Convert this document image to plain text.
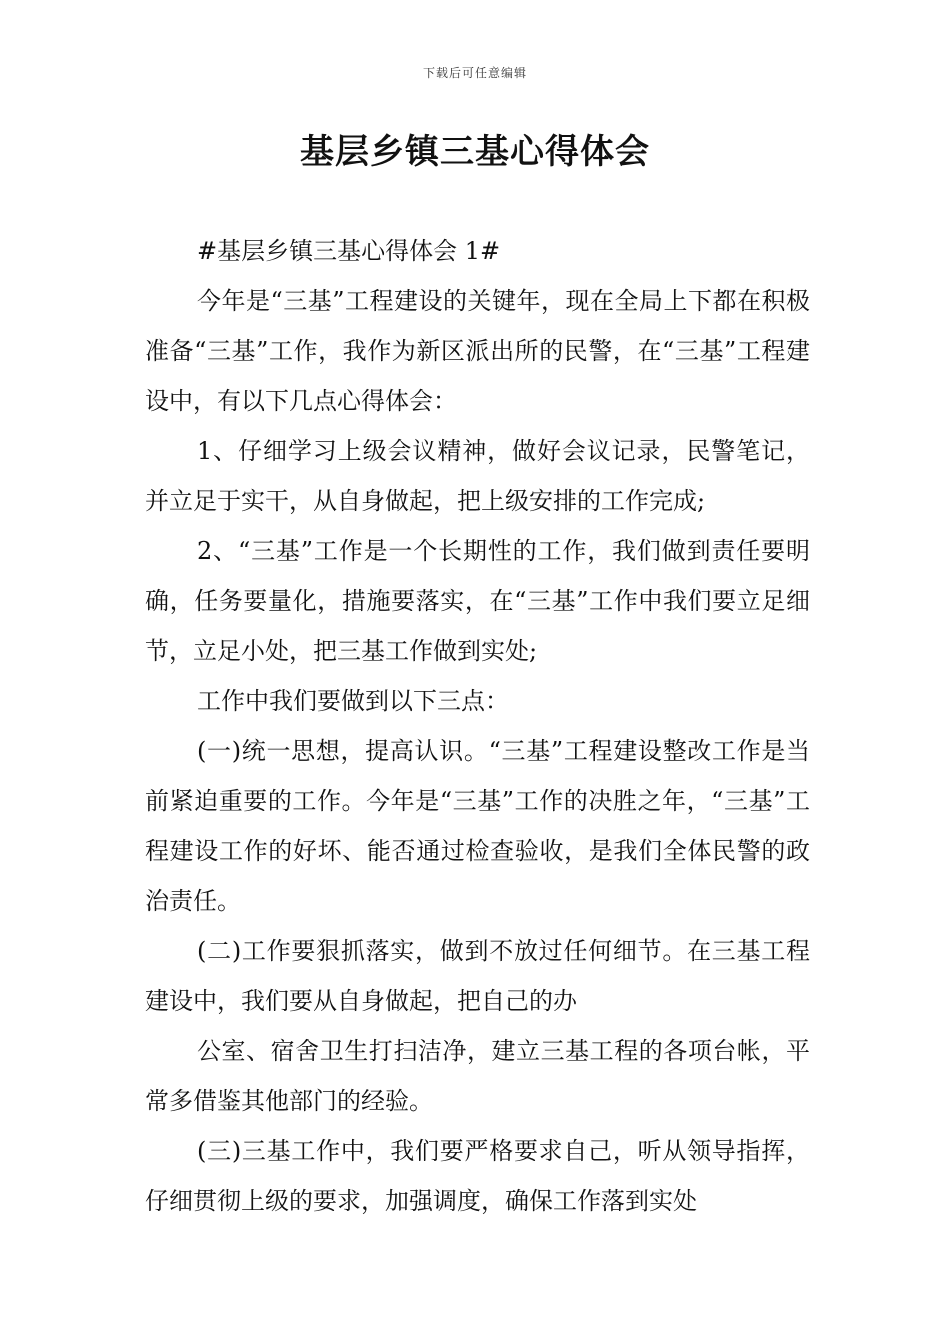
下载后可任意编辑
基层乡镇三基心得体会

#基层乡镇三基心得体会 1#

今年是“三基”工程建设的关键年，现在全局上下都在积极准备“三基”工作，我作为新区派出所的民警，在“三基”工程建设中，有以下几点心得体会：

1、仔细学习上级会议精神，做好会议记录，民警笔记，并立足于实干，从自身做起，把上级安排的工作完成;

2、“三基”工作是一个长期性的工作，我们做到责任要明确，任务要量化，措施要落实，在“三基”工作中我们要立足细节，立足小处，把三基工作做到实处;

工作中我们要做到以下三点：

(一)统一思想，提高认识。“三基”工程建设整改工作是当前紧迫重要的工作。今年是“三基”工作的决胜之年，“三基”工程建设工作的好坏、能否通过检查验收，是我们全体民警的政治责任。

(二)工作要狠抓落实，做到不放过任何细节。在三基工程建设中，我们要从自身做起，把自己的办

公室、宿舍卫生打扫洁净，建立三基工程的各项台帐，平常多借鉴其他部门的经验。

(三)三基工作中，我们要严格要求自己，听从领导指挥，仔细贯彻上级的要求，加强调度，确保工作落到实处
